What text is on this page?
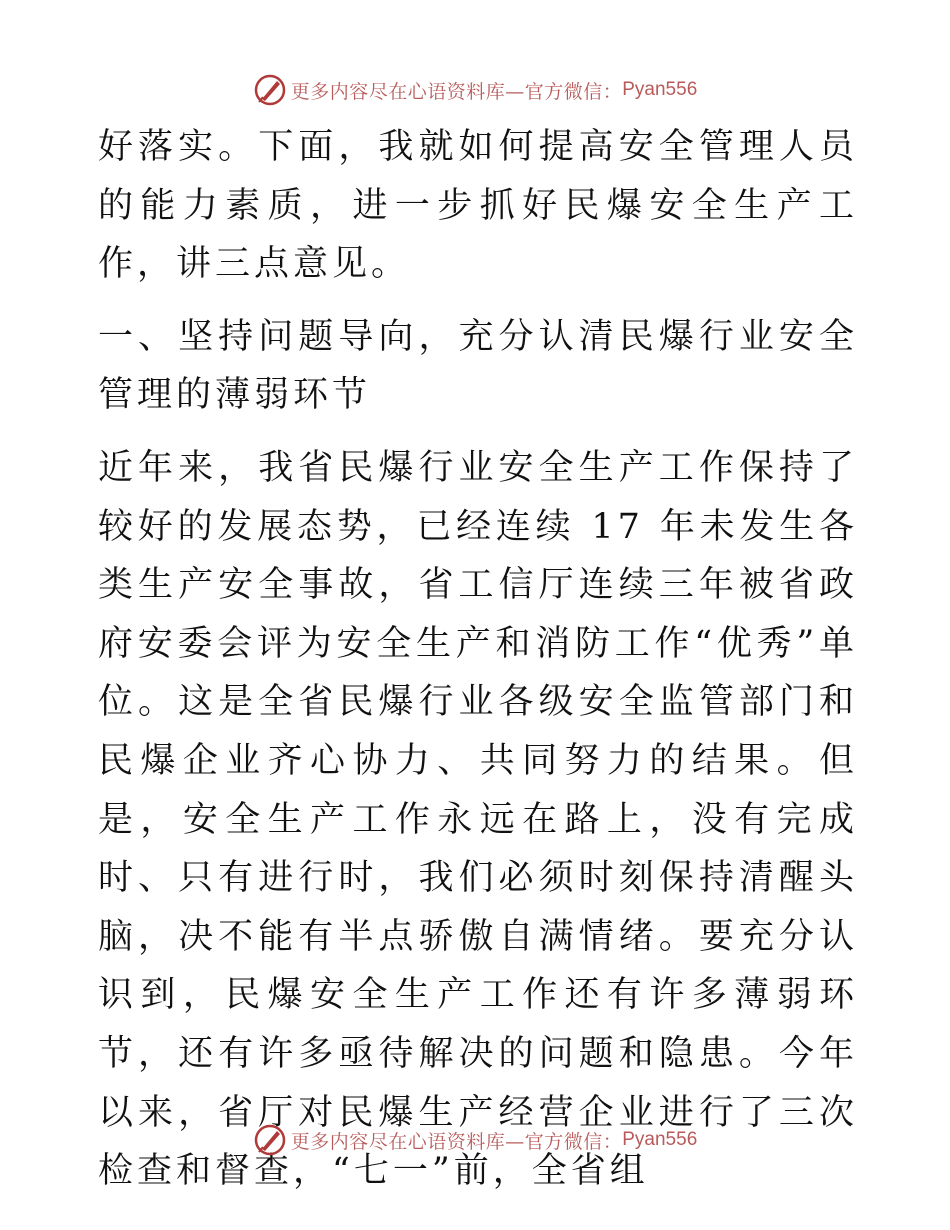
更多内容尽在心语资料库—官方微信： Pyan556

好落实。下面，我就如何提高安全管理人员的能力素质，进一步抓好民爆安全生产工作，讲三点意见。

一、坚持问题导向，充分认清民爆行业安全管理的薄弱环节

近年来，我省民爆行业安全生产工作保持了较好的发展态势，已经连续 17 年未发生各类生产安全事故，省工信厅连续三年被省政府安委会评为安全生产和消防工作“优秀”单位。这是全省民爆行业各级安全监管部门和民爆企业齐心协力、共同努力的结果。但是，安全生产工作永远在路上，没有完成时、只有进行时，我们必须时刻保持清醒头脑，决不能有半点骄傲自满情绪。要充分认识到，民爆安全生产工作还有许多薄弱环节，还有许多亟待解决的问题和隐患。今年以来，省厅对民爆生产经营企业进行了三次检查和督查，“七一”前，全省组

更多内容尽在心语资料库—官方微信： Pyan556
